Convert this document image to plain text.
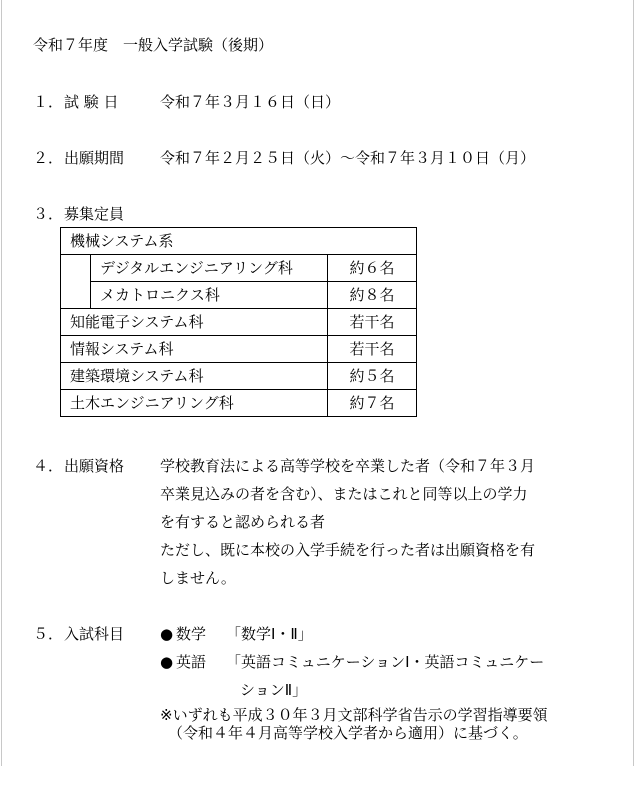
令和７年度　一般入学試験（後期）
１． 試 験 日	令和７年３月１６日（日）
２． 出願期間 令和７年２月２５日（火）～令和７年３月１０日（月）
３． 募集定員
機械システム系		
	デジタルエンジニアリング科	約６名
	メカトロニクス科	約８名
知能電子システム科		若干名
情報システム科		若干名
建築環境システム科		約５名
土木エンジニアリング科		約７名
４． 出願資格 学校教育法による高等学校を卒業した者（令和７年３月
卒業見込みの者を含む）、またはこれと同等以上の学力
を有すると認められる者
ただし、既に本校の入学手続を行った者は出願資格を有
しません。
５． 入試科目 ● 数学 「数学Ⅰ・Ⅱ」
● 英語 「英語コミュニケーションⅠ・英語コミュニケー
ションⅡ」
※いずれも平成３０年３月文部科学省告示の学習指導要領
（令和４年４月高等学校入学者から適用）に基づく。
